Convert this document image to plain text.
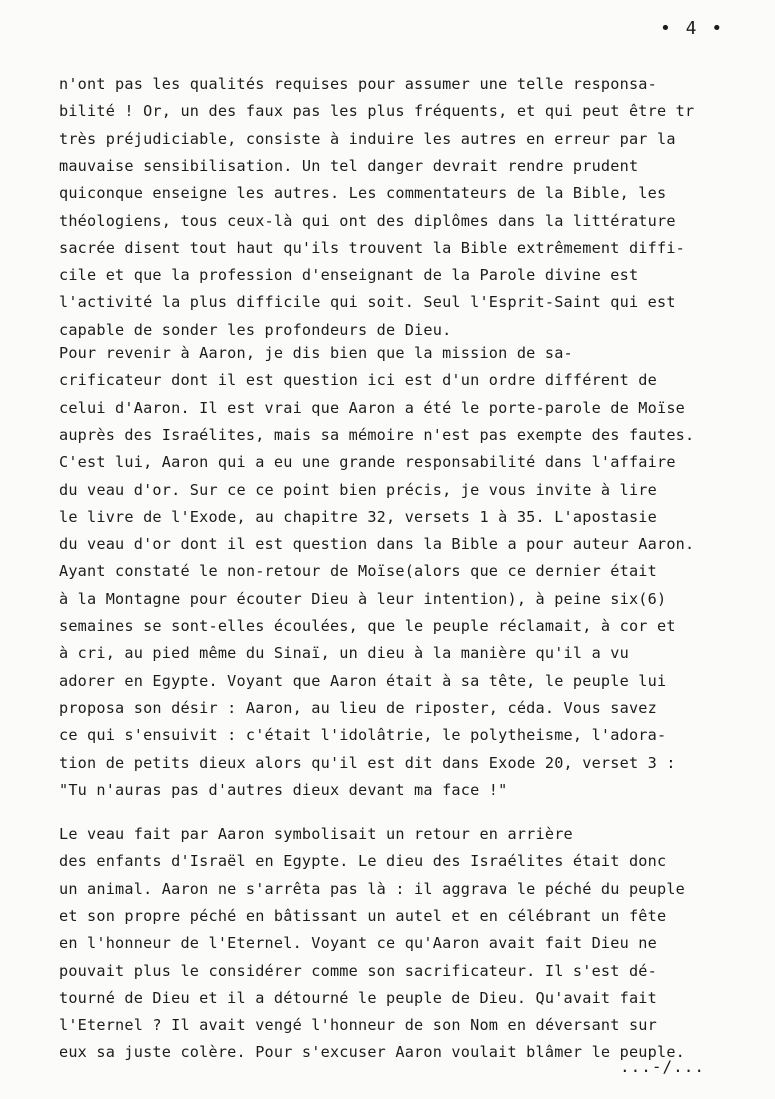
• 4 •
n'ont pas les qualités requises pour assumer une telle responsa-
bilité ! Or, un des faux pas les plus fréquents, et qui peut être tr
très préjudiciable, consiste à induire les autres en erreur par la
mauvaise sensibilisation. Un tel danger devrait rendre prudent
quiconque enseigne les autres. Les commentateurs de la Bible, les
théologiens, tous ceux-là qui ont des diplômes dans la littérature
sacrée disent tout haut qu'ils trouvent la Bible extrêmement diffi-
cile et que la profession d'enseignant de la Parole divine est
l'activité la plus difficile qui soit. Seul l'Esprit-Saint qui est
capable de sonder les profondeurs de Dieu.
Pour revenir à Aaron, je dis bien que la mission de sa-
crificateur dont il est question ici est d'un ordre différent de
celui d'Aaron. Il est vrai que Aaron a été le porte-parole de Moïse
auprès des Israélites, mais sa mémoire n'est pas exempte des fautes.
C'est lui, Aaron qui a eu une grande responsabilité dans l'affaire
du veau d'or. Sur ce ce point bien précis, je vous invite à lire
le livre de l'Exode, au chapitre 32, versets 1 à 35. L'apostasie
du veau d'or dont il est question dans la Bible a pour auteur Aaron.
Ayant constaté le non-retour de Moïse(alors que ce dernier était
à la Montagne pour écouter Dieu à leur intention), à peine six(6)
semaines se sont-elles écoulées, que le peuple réclamait, à cor et
à cri, au pied même du Sinaï, un dieu à la manière qu'il a vu
adorer en Egypte. Voyant que Aaron était à sa tête, le peuple lui
proposa son désir : Aaron, au lieu de riposter, céda. Vous savez
ce qui s'ensuivit : c'était l'idolâtrie, le polytheisme, l'adora-
tion de petits dieux alors qu'il est dit dans Exode 20, verset 3 :
"Tu n'auras pas d'autres dieux devant ma face !"
Le veau fait par Aaron symbolisait un retour en arrière
des enfants d'Israël en Egypte. Le dieu des Israélites était donc
un animal. Aaron ne s'arrêta pas là : il aggrava le péché du peuple
et son propre péché en bâtissant un autel et en célébrant un fête
en l'honneur de l'Eternel. Voyant ce qu'Aaron avait fait Dieu ne
pouvait plus le considérer comme son sacrificateur. Il s'est dé-
tourné de Dieu et il a détourné le peuple de Dieu. Qu'avait fait
l'Eternel ? Il avait vengé l'honneur de son Nom en déversant sur
eux sa juste colère. Pour s'excuser Aaron voulait blâmer le peuple.
...-/...
